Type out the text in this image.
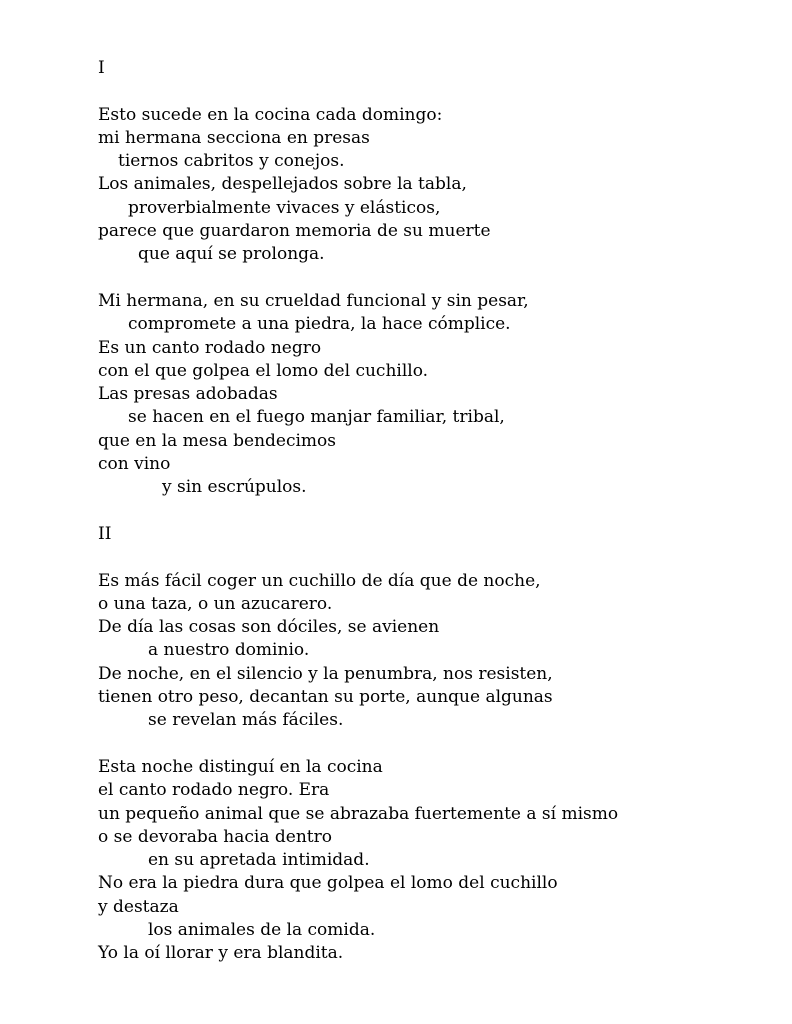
I
Esto sucede en la cocina cada domingo:
mi hermana secciona en presas
tiernos cabritos y conejos.
Los animales, despellejados sobre la tabla,
proverbialmente vivaces y elásticos,
parece que guardaron memoria de su muerte
que aquí se prolonga.
Mi hermana, en su crueldad funcional y sin pesar,
compromete a una piedra, la hace cómplice.
Es un canto rodado negro
con el que golpea el lomo del cuchillo.
Las presas adobadas
se hacen en el fuego manjar familiar, tribal,
que en la mesa bendecimos
con vino
y sin escrúpulos.
II
Es más fácil coger un cuchillo de día que de noche,
o una taza, o un azucarero.
De día las cosas son dóciles, se avienen
a nuestro dominio.
De noche, en el silencio y la penumbra, nos resisten,
tienen otro peso, decantan su porte, aunque algunas
se revelan más fáciles.
Esta noche distinguí en la cocina
el canto rodado negro. Era
un pequeño animal que se abrazaba fuertemente a sí mismo
o se devoraba hacia dentro
en su apretada intimidad.
No era la piedra dura que golpea el lomo del cuchillo
y destaza
los animales de la comida.
Yo la oí llorar y era blandita.
